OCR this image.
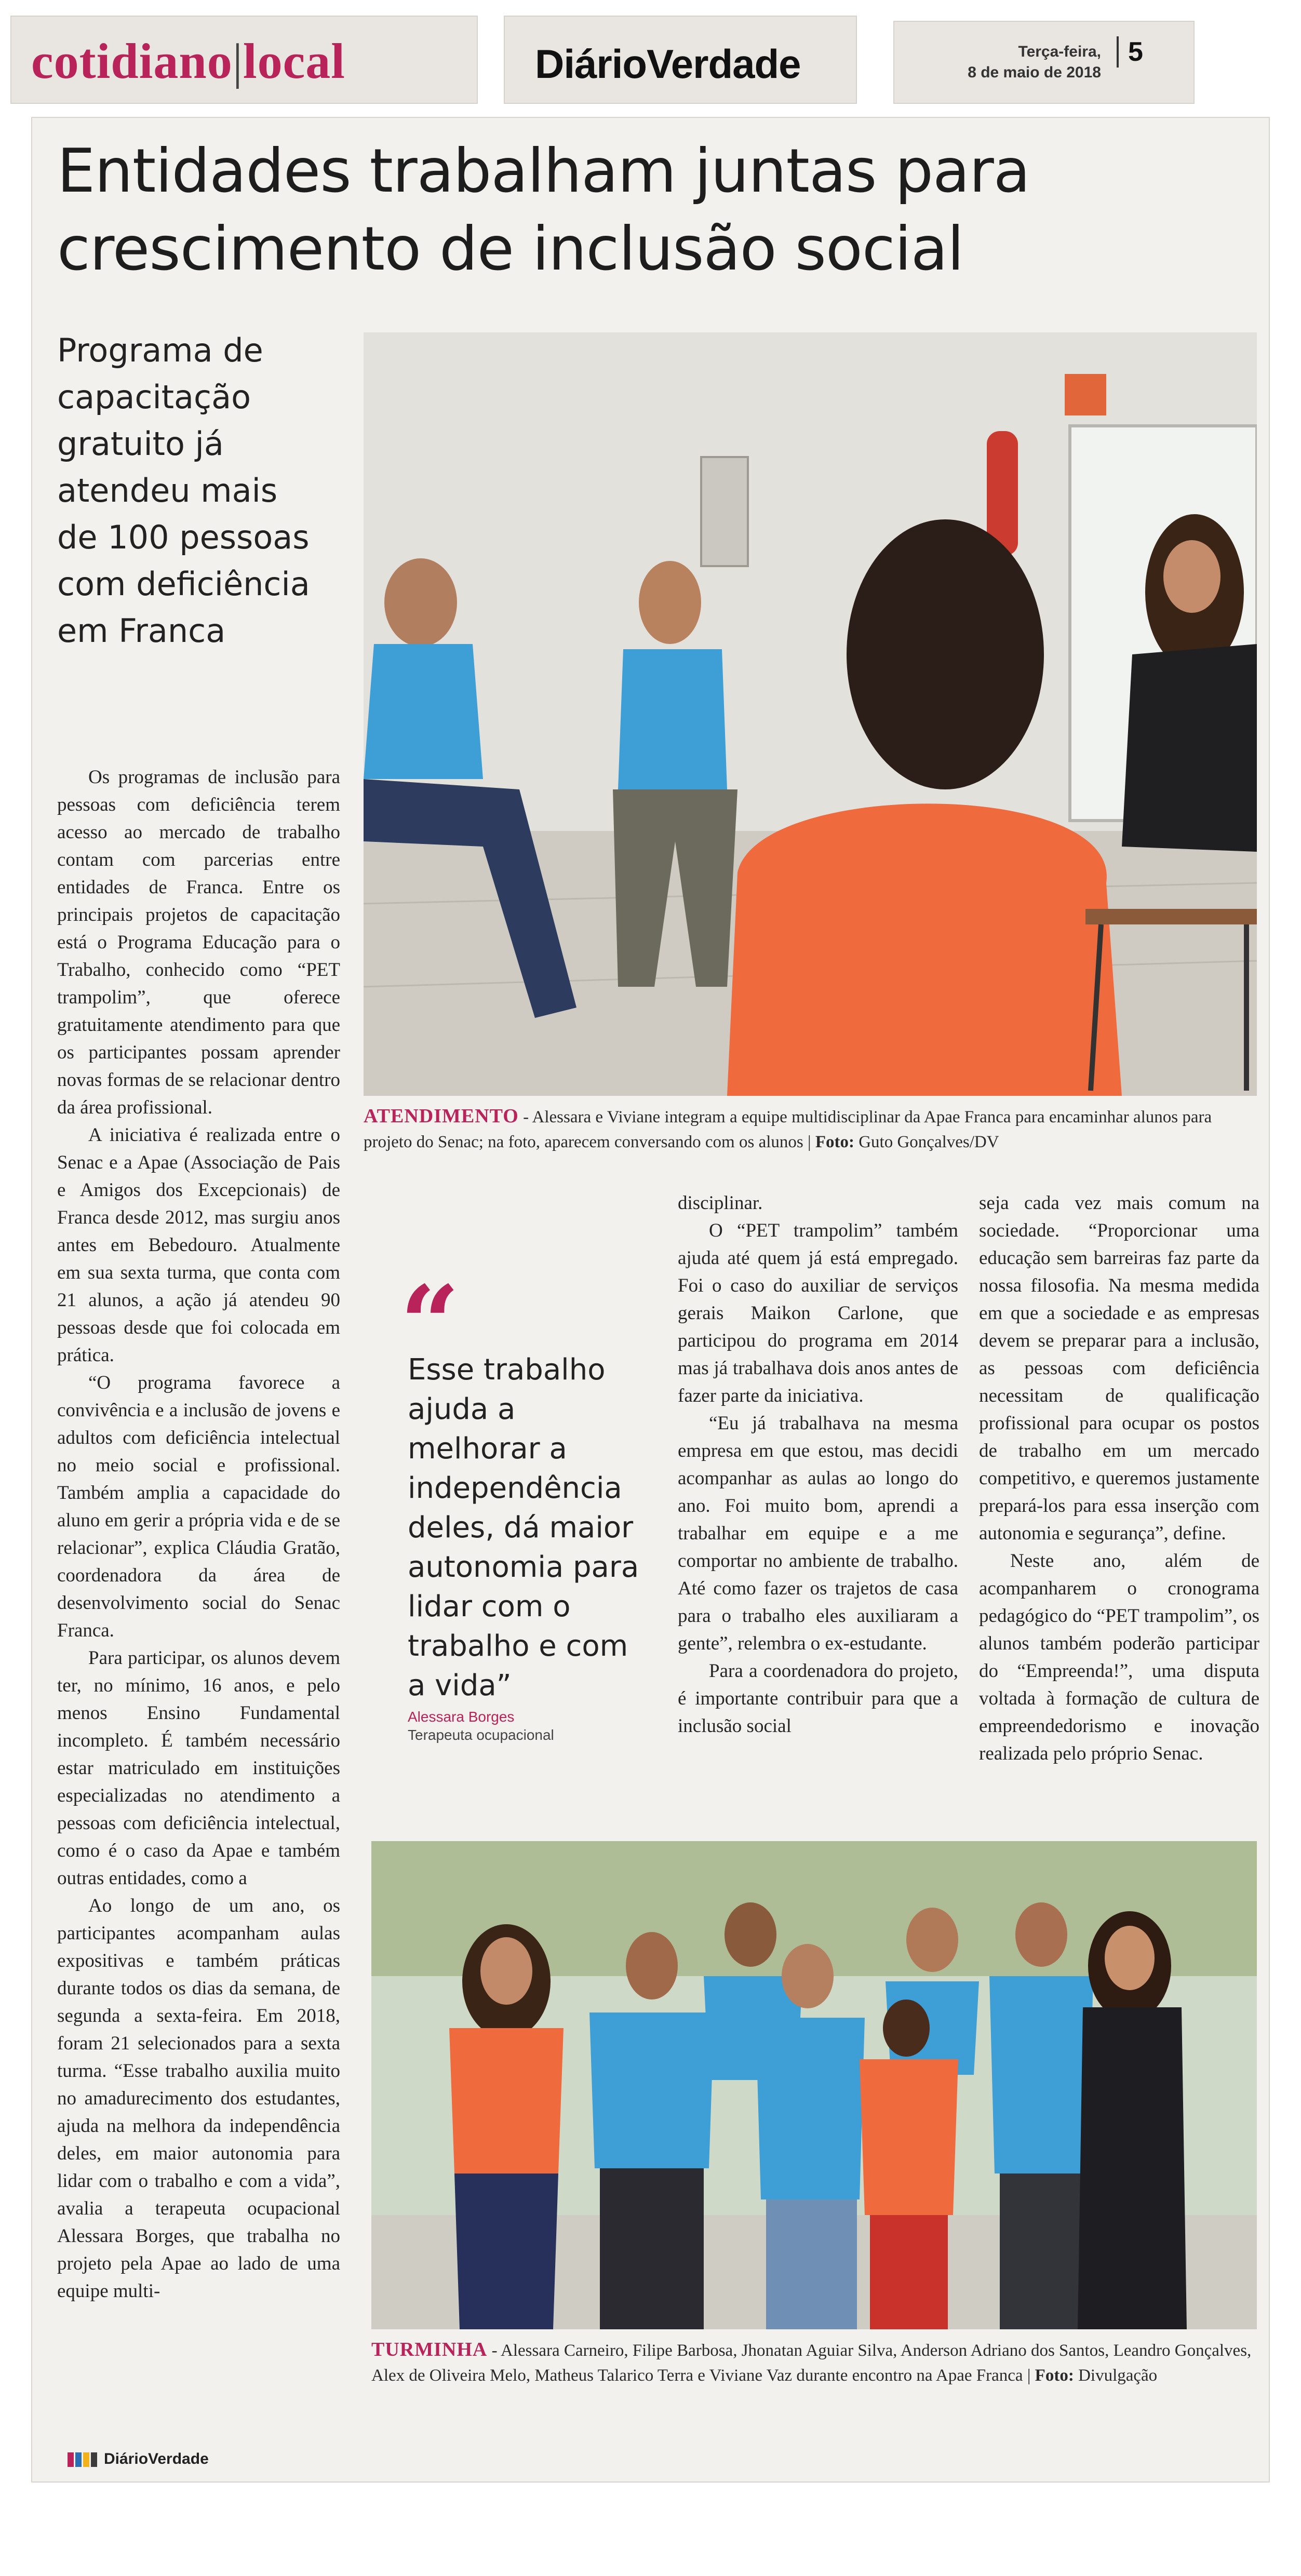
cotidiano|local	DiárioVerdade	Terça-feira,
8 de maio de 2018
5
Entidades trabalham juntas para
crescimento de inclusão social
Programa de capacitação gratuito já atendeu mais de 100 pessoas com deficiência em Franca
ATENDIMENTO - Alessara e Viviane integram a equipe multidisciplinar da Apae Franca para encaminhar alunos para projeto do Senac; na foto, aparecem conversando com os alunos | Foto: Guto Gonçalves/DV

Os programas de inclusão para pessoas com deficiência terem acesso ao mercado de trabalho contam com parcerias entre entidades de Franca. Entre os principais projetos de capacitação está o Programa Educação para o Trabalho, conhecido como “PET trampolim”, que oferece gratuitamente atendimento para que os participantes possam aprender novas formas de se relacionar dentro da área profissional.

A iniciativa é realizada entre o Senac e a Apae (Associação de Pais e Amigos dos Excepcionais) de Franca desde 2012, mas surgiu anos antes em Bebedouro. Atualmente em sua sexta turma, que conta com 21 alunos, a ação já atendeu 90 pessoas desde que foi colocada em prática.

“O programa favorece a convivência e a inclusão de jovens e adultos com deficiência intelectual no meio social e profissional. Também amplia a capacidade do aluno em gerir a própria vida e de se relacionar”, explica Cláudia Gratão, coordenadora da área de desenvolvimento social do Senac Franca.

Para participar, os alunos devem ter, no mínimo, 16 anos, e pelo menos Ensino Fundamental incompleto. É também necessário estar matriculado em instituições especializadas no atendimento a pessoas com deficiência intelectual, como é o caso da Apae e também outras entidades, como a

Ao longo de um ano, os participantes acompanham aulas expositivas e também práticas durante todos os dias da semana, de segunda a sexta-feira. Em 2018, foram 21 selecionados para a sexta turma. “Esse trabalho auxilia muito no amadurecimento dos estudantes, ajuda na melhora da independência deles, em maior autonomia para lidar com o trabalho e com a vida”, avalia a terapeuta ocupacional Alessara Borges, que trabalha no projeto pela Apae ao lado de uma equipe multi-

“
Esse trabalho ajuda a melhorar a independência deles, dá maior autonomia para lidar com o trabalho e com a vida”
Alessara Borges
Terapeuta ocupacional

disciplinar.

O “PET trampolim” também ajuda até quem já está empregado. Foi o caso do auxiliar de serviços gerais Maikon Carlone, que participou do programa em 2014 mas já trabalhava dois anos antes de fazer parte da iniciativa.

“Eu já trabalhava na mesma empresa em que estou, mas decidi acompanhar as aulas ao longo do ano. Foi muito bom, aprendi a trabalhar em equipe e a me comportar no ambiente de trabalho. Até como fazer os trajetos de casa para o trabalho eles auxiliaram a gente”, relembra o ex-estudante.

Para a coordenadora do projeto, é importante contribuir para que a inclusão social

seja cada vez mais comum na sociedade. “Proporcionar uma educação sem barreiras faz parte da nossa filosofia. Na mesma medida em que a sociedade e as empresas devem se preparar para a inclusão, as pessoas com deficiência necessitam de qualificação profissional para ocupar os postos de trabalho em um mercado competitivo, e queremos justamente prepará-los para essa inserção com autonomia e segurança”, define.

Neste ano, além de acompanharem o cronograma pedagógico do “PET trampolim”, os alunos também poderão participar do “Empreenda!”, uma disputa voltada à formação de cultura de empreendedorismo e inovação realizada pelo próprio Senac.

TURMINHA - Alessara Carneiro, Filipe Barbosa, Jhonatan Aguiar Silva, Anderson Adriano dos Santos, Leandro Gonçalves, Alex de Oliveira Melo, Matheus Talarico Terra e Viviane Vaz durante encontro na Apae Franca | Foto: Divulgação
DiárioVerdade
